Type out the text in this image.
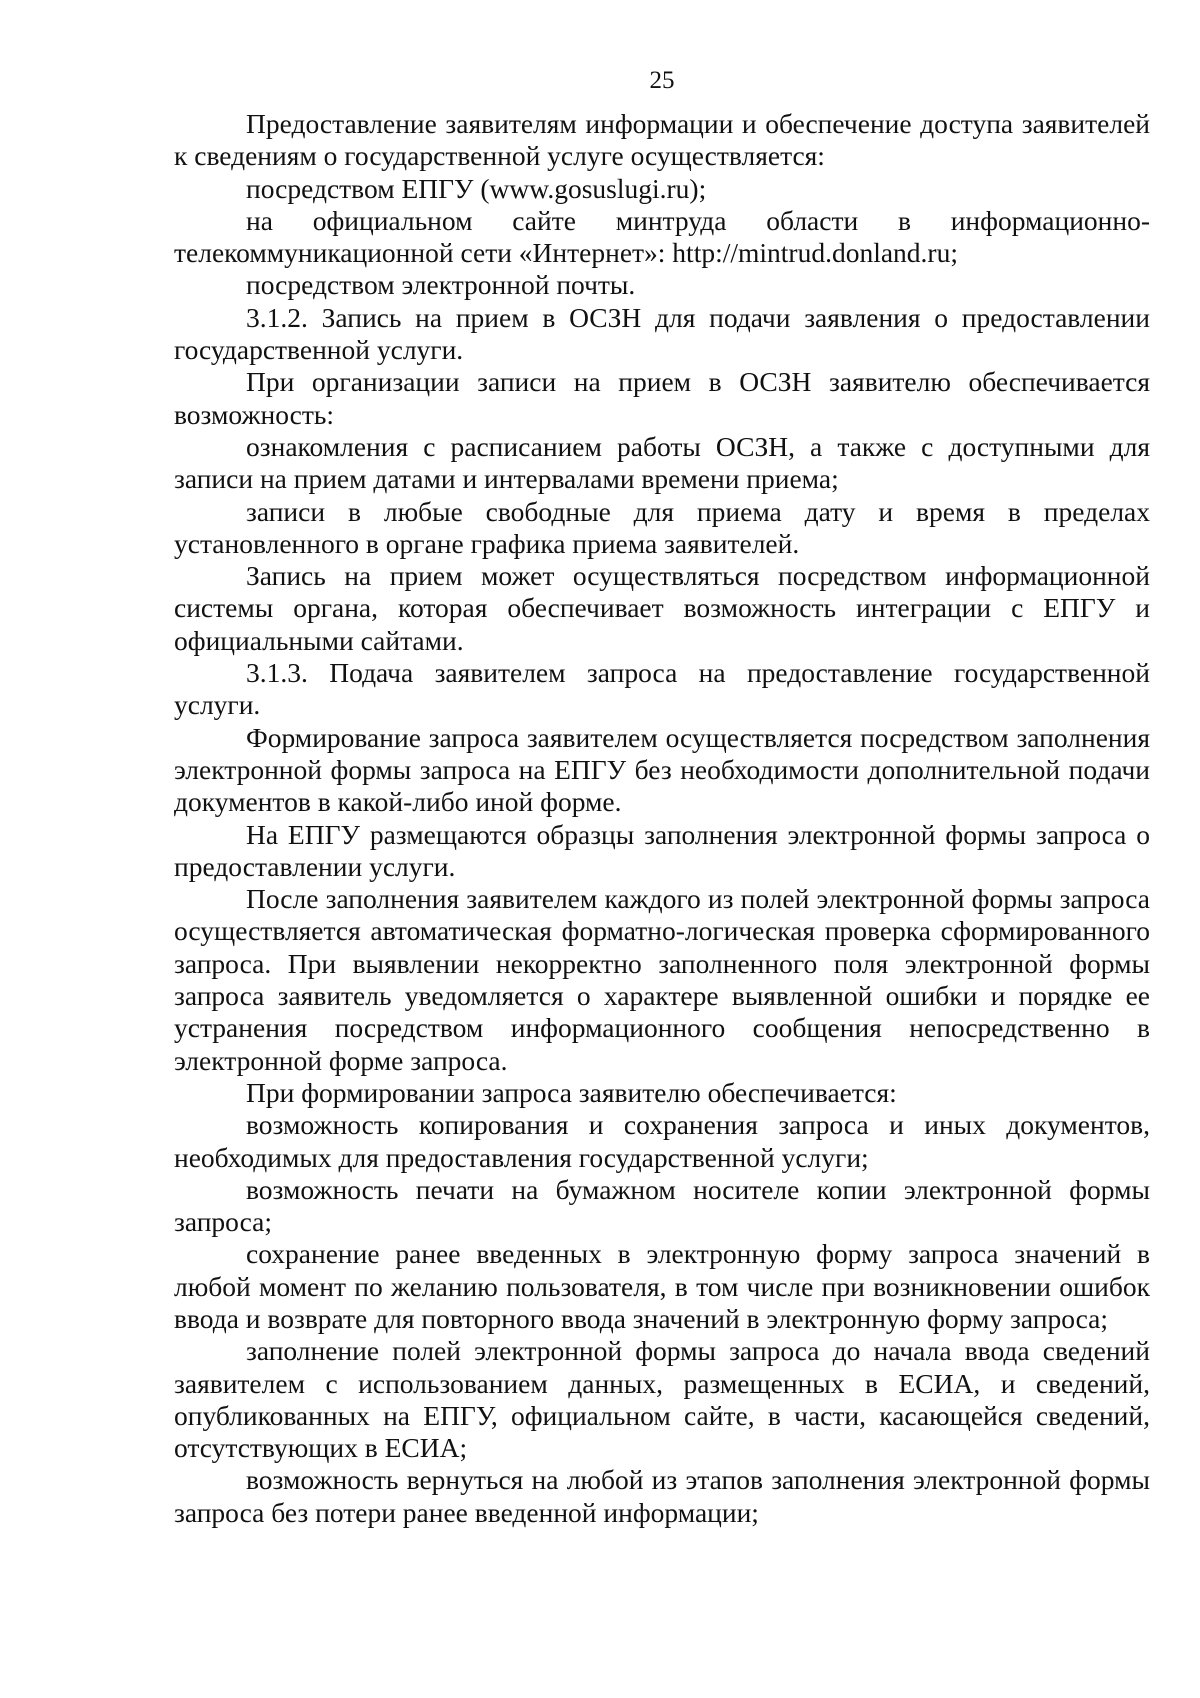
25

Предоставление заявителям информации и обеспечение доступа заявителей к сведениям о государственной услуге осуществляется:

посредством ЕПГУ (www.gosuslugi.ru);

на официальном сайте минтруда области в информационно-телекоммуникационной сети «Интернет»: http://mintrud.donland.ru;

посредством электронной почты.

3.1.2. Запись на прием в ОСЗН для подачи заявления о предоставлении государственной услуги.

При организации записи на прием в ОСЗН заявителю обеспечивается возможность:

ознакомления с расписанием работы ОСЗН, а также с доступными для записи на прием датами и интервалами времени приема;

записи в любые свободные для приема дату и время в пределах установленного в органе графика приема заявителей.

Запись на прием может осуществляться посредством информационной системы органа, которая обеспечивает возможность интеграции с ЕПГУ и официальными сайтами.

3.1.3. Подача заявителем запроса на предоставление государственной услуги.

Формирование запроса заявителем осуществляется посредством заполнения электронной формы запроса на ЕПГУ без необходимости дополнительной подачи документов в какой-либо иной форме.

На ЕПГУ размещаются образцы заполнения электронной формы запроса о предоставлении услуги.

После заполнения заявителем каждого из полей электронной формы запроса осуществляется автоматическая форматно-логическая проверка сформированного запроса. При выявлении некорректно заполненного поля электронной формы запроса заявитель уведомляется о характере выявленной ошибки и порядке ее устранения посредством информационного сообщения непосредственно в электронной форме запроса.

При формировании запроса заявителю обеспечивается:

возможность копирования и сохранения запроса и иных документов, необходимых для предоставления государственной услуги;

возможность печати на бумажном носителе копии электронной формы запроса;

сохранение ранее введенных в электронную форму запроса значений в любой момент по желанию пользователя, в том числе при возникновении ошибок ввода и возврате для повторного ввода значений в электронную форму запроса;

заполнение полей электронной формы запроса до начала ввода сведений заявителем с использованием данных, размещенных в ЕСИА, и сведений, опубликованных на ЕПГУ, официальном сайте, в части, касающейся сведений, отсутствующих в ЕСИА;

возможность вернуться на любой из этапов заполнения электронной формы запроса без потери ранее введенной информации;
